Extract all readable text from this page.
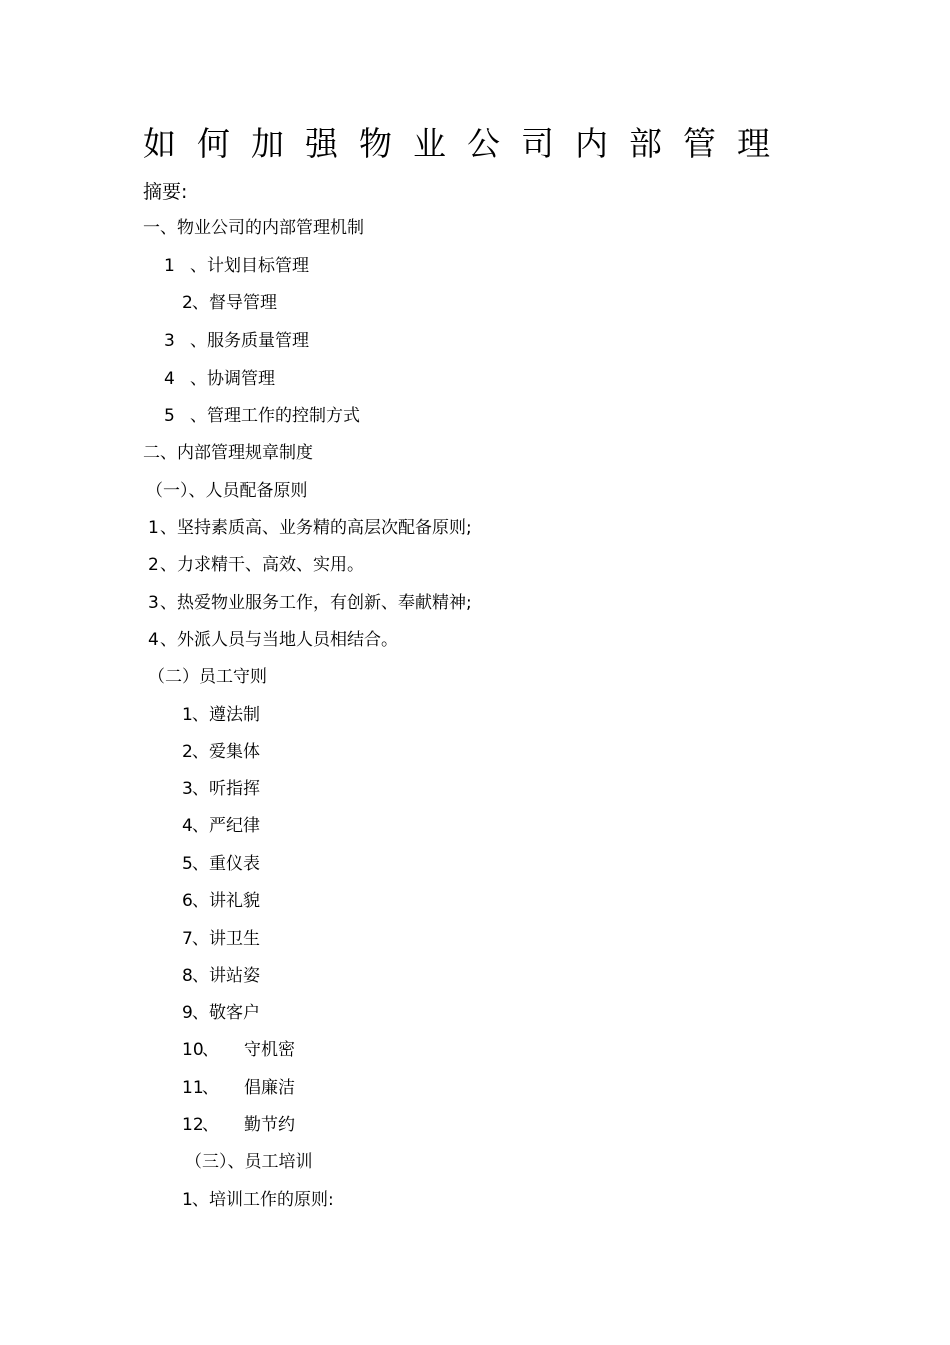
如何加强物业公司内部管理
摘要:
一、物业公司的内部管理机制
1 、计划目标管理
2、督导管理
3 、服务质量管理
4 、协调管理
5 、管理工作的控制方式
二、内部管理规章制度
（一）、人员配备原则
1、坚持素质高、业务精的高层次配备原则;
2、力求精干、高效、实用。
3、热爱物业服务工作，有创新、奉献精神;
4、外派人员与当地人员相结合。
（二）员工守则
1、遵法制
2、爱集体
3、听指挥
4、严纪律
5、重仪表
6、讲礼貌
7、讲卫生
8、讲站姿
9、敬客户
10、 守机密
11、 倡廉洁
12、 勤节约
（三）、员工培训
1、培训工作的原则:
